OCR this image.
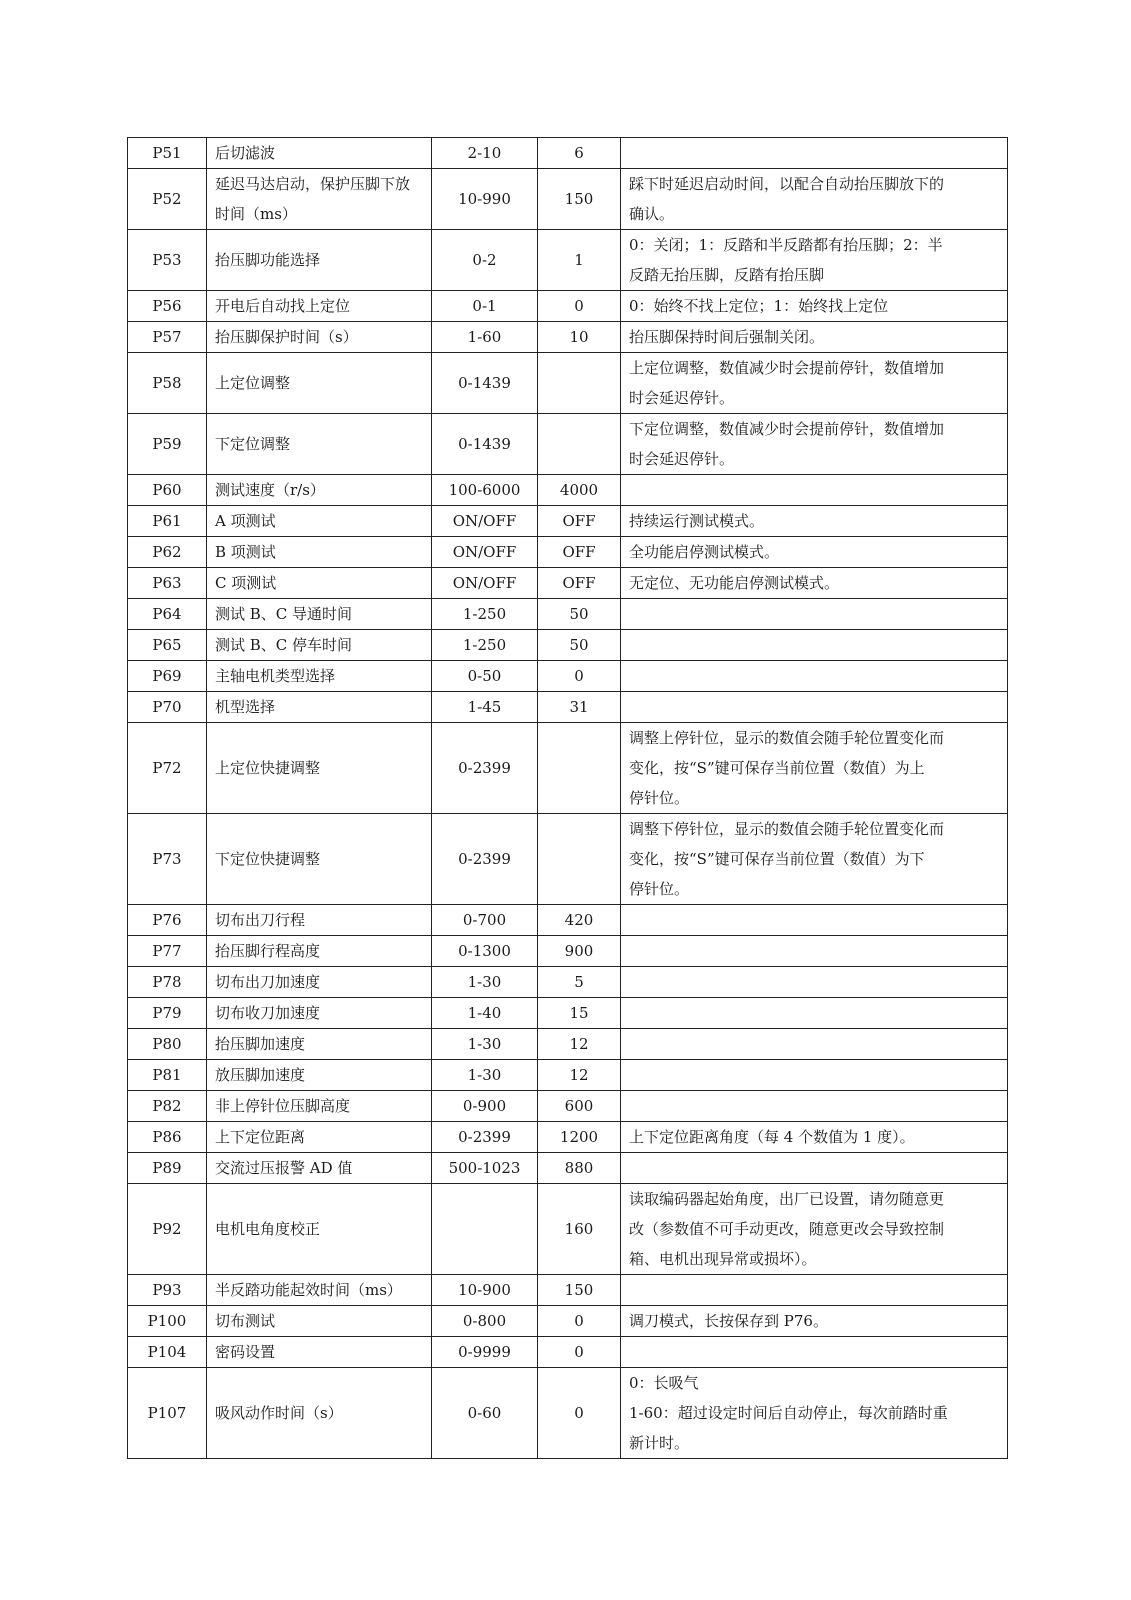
P51	后切滤波	2-10	6	
P52	延迟马达启动，保护压脚下放时间（ms）	10-990	150	踩下时延迟启动时间，以配合自动抬压脚放下的
确认。

P53	抬压脚功能选择	0-2	1	0：关闭；1：反踏和半反踏都有抬压脚；2：半
反踏无抬压脚，反踏有抬压脚

P56	开电后自动找上定位	0-1	0	0：始终不找上定位；1：始终找上定位

P57	抬压脚保护时间（s）	1-60	10	抬压脚保持时间后强制关闭。

P58	上定位调整	0-1439		上定位调整，数值减少时会提前停针，数值增加
时会延迟停针。

P59	下定位调整	0-1439		下定位调整，数值减少时会提前停针，数值增加
时会延迟停针。

P60	测试速度（r/s）	100-6000	4000	
P61	A 项测试	ON/OFF	OFF	持续运行测试模式。

P62	B 项测试	ON/OFF	OFF	全功能启停测试模式。

P63	C 项测试	ON/OFF	OFF	无定位、无功能启停测试模式。

P64	测试 B、C 导通时间	1-250	50	
P65	测试 B、C 停车时间	1-250	50	
P69	主轴电机类型选择	0-50	0	
P70	机型选择	1-45	31	
P72	上定位快捷调整	0-2399		调整上停针位，显示的数值会随手轮位置变化而
变化，按“S”键可保存当前位置（数值）为上
停针位。

P73	下定位快捷调整	0-2399		调整下停针位，显示的数值会随手轮位置变化而
变化，按“S”键可保存当前位置（数值）为下
停针位。

P76	切布出刀行程	0-700	420	
P77	抬压脚行程高度	0-1300	900	
P78	切布出刀加速度	1-30	5	
P79	切布收刀加速度	1-40	15	
P80	抬压脚加速度	1-30	12	
P81	放压脚加速度	1-30	12	
P82	非上停针位压脚高度	0-900	600	
P86	上下定位距离	0-2399	1200	上下定位距离角度（每 4 个数值为 1 度）。

P89	交流过压报警 AD 值	500-1023	880	
P92	电机电角度校正		160	读取编码器起始角度，出厂已设置，请勿随意更
改（参数值不可手动更改，随意更改会导致控制
箱、电机出现异常或损坏）。

P93	半反踏功能起效时间（ms）	10-900	150	
P100	切布测试	0-800	0	调刀模式，长按保存到 P76。

P104	密码设置	0-9999	0	
P107	吸风动作时间（s）	0-60	0	0：长吸气
1-60：超过设定时间后自动停止，每次前踏时重
新计时。
